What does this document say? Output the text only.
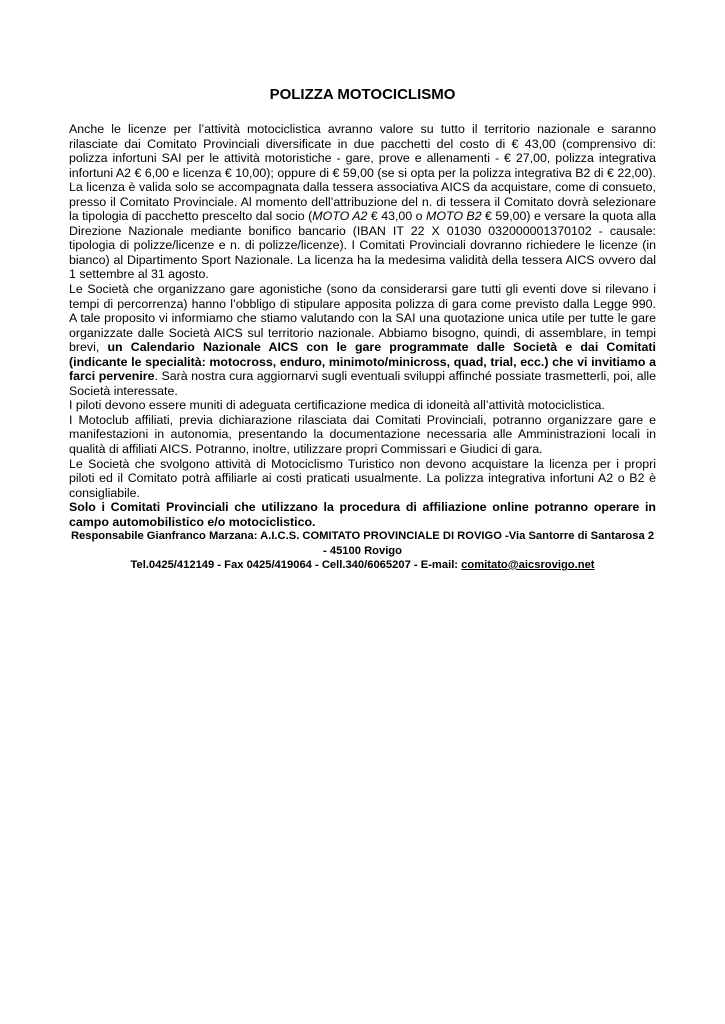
POLIZZA MOTOCICLISMO

Anche le licenze per l’attività motociclistica avranno valore su tutto il territorio nazionale e saranno rilasciate dai Comitato Provinciali diversificate in due pacchetti del costo di € 43,00 (comprensivo di: polizza infortuni SAI per le attività motoristiche - gare, prove e allenamenti - € 27,00, polizza integrativa infortuni A2 € 6,00 e licenza € 10,00); oppure di € 59,00 (se si opta per la polizza integrativa B2 di € 22,00). La licenza è valida solo se accompagnata dalla tessera associativa AICS da acquistare, come di consueto, presso il Comitato Provinciale. Al momento dell’attribuzione del n. di tessera il Comitato dovrà selezionare la tipologia di pacchetto prescelto dal socio (MOTO A2 € 43,00 o MOTO B2 € 59,00) e versare la quota alla Direzione Nazionale mediante bonifico bancario (IBAN IT 22 X 01030 032000001370102 - causale: tipologia di polizze/licenze e n. di polizze/licenze). I Comitati Provinciali dovranno richiedere le licenze (in bianco) al Dipartimento Sport Nazionale. La licenza ha la medesima validità della tessera AICS ovvero dal 1 settembre al 31 agosto.

Le Società che organizzano gare agonistiche (sono da considerarsi gare tutti gli eventi dove si rilevano i tempi di percorrenza) hanno l’obbligo di stipulare apposita polizza di gara come previsto dalla Legge 990. A tale proposito vi informiamo che stiamo valutando con la SAI una quotazione unica utile per tutte le gare organizzate dalle Società AICS sul territorio nazionale. Abbiamo bisogno, quindi, di assemblare, in tempi brevi, un Calendario Nazionale AICS con le gare programmate dalle Società e dai Comitati (indicante le specialità: motocross, enduro, minimoto/minicross, quad, trial, ecc.) che vi invitiamo a farci pervenire. Sarà nostra cura aggiornarvi sugli eventuali sviluppi affinché possiate trasmetterli, poi, alle Società interessate.

I piloti devono essere muniti di adeguata certificazione medica di idoneità all’attività motociclistica.

I Motoclub affiliati, previa dichiarazione rilasciata dai Comitati Provinciali, potranno organizzare gare e manifestazioni in autonomia, presentando la documentazione necessaria alle Amministrazioni locali in qualità di affiliati AICS. Potranno, inoltre, utilizzare propri Commissari e Giudici di gara.

Le Società che svolgono attività di Motociclismo Turistico non devono acquistare la licenza per i propri piloti ed il Comitato potrà affiliarle ai costi praticati usualmente. La polizza integrativa infortuni A2 o B2 è consigliabile.

Solo i Comitati Provinciali che utilizzano la procedura di affiliazione online potranno operare in campo automobilistico e/o motociclistico.

Responsabile Gianfranco Marzana: A.I.C.S. COMITATO PROVINCIALE DI ROVIGO -Via Santorre di Santarosa 2 - 45100 Rovigo

Tel.0425/412149 - Fax 0425/419064 - Cell.340/6065207 - E-mail: comitato@aicsrovigo.net
